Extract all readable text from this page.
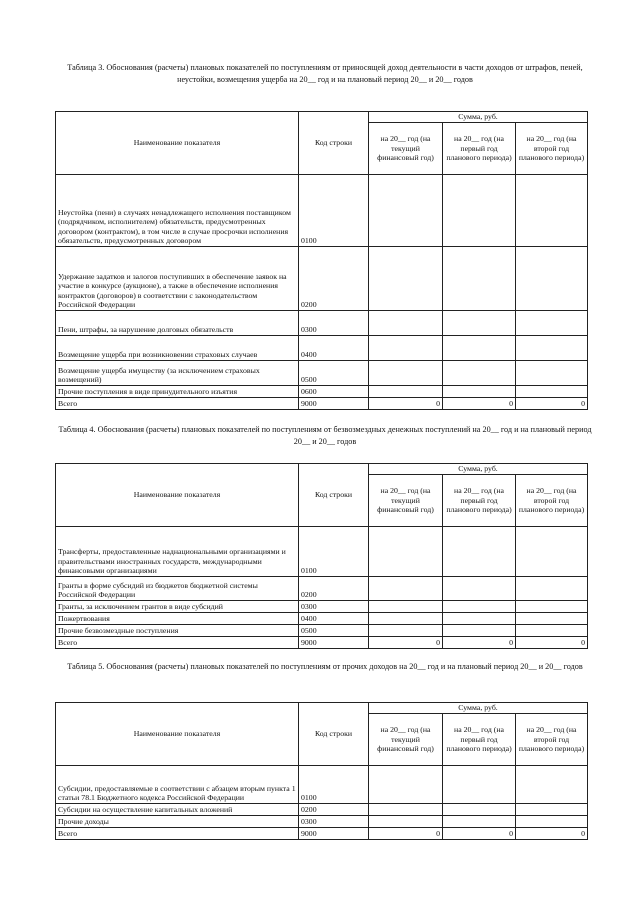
Таблица 3. Обоснования (расчеты) плановых показателей по поступлениям от приносящей доход деятельности в части доходов от штрафов, пеней, неустойки, возмещения ущерба на 20__ год и на плановый период 20__ и 20__ годов
Наименование показателя	Код строки	Сумма, руб.		
		на 20__ год (на текущий финансовый год)	на 20__ год (на первый год планового периода)	на 20__ год (на второй год планового периода)
Неустойка (пени) в случаях ненадлежащего исполнения поставщиком (подрядчиком, исполнителем) обязательств, предусмотренных договором (контрактом), в том числе в случае просрочки исполнения обязательств, предусмотренных договором	0100			
Удержание задатков и залогов поступивших в обеспечение заявок на участие в конкурсе (аукционе), а также в обеспечение исполнения контрактов (договоров) в соответствии с законодательством Российской Федерации	0200			
Пени, штрафы, за нарушение долговых обязательств	0300			
Возмещение ущерба при возникновении страховых случаев	0400			
Возмещение ущерба имуществу (за исключением страховых возмещений)	0500			
Прочие поступления в виде принудительного изъятия	0600			
Всего	9000	0	0	0
Таблица 4. Обоснования (расчеты) плановых показателей по поступлениям от безвозмездных денежных поступлений на 20__ год и на плановый период 20__ и 20__ годов
Наименование показателя	Код строки	Сумма, руб.		
		на 20__ год (на текущий финансовый год)	на 20__ год (на первый год планового периода)	на 20__ год (на второй год планового периода)
Трансферты, предоставленные наднациональными организациями и правительствами иностранных государств, международными финансовыми организациями	0100			
Гранты в форме субсидий из бюджетов бюджетной системы Российской Федерации	0200			
Гранты, за исключением грантов в виде субсидий	0300			
Пожертвования	0400			
Прочие безвозмездные поступления	0500			
Всего	9000	0	0	0
Таблица 5. Обоснования (расчеты) плановых показателей по поступлениям от прочих доходов на 20__ год и на плановый период 20__ и 20__ годов
Наименование показателя	Код строки	Сумма, руб.		
		на 20__ год (на текущий финансовый год)	на 20__ год (на первый год планового периода)	на 20__ год (на второй год планового периода)
Субсидии, предоставляемые в соответствии с абзацем вторым пункта 1 статьи 78.1 Бюджетного кодекса Российской Федерации	0100			
Субсидии на осуществление капитальных вложений	0200			
Прочие доходы	0300			
Всего	9000	0	0	0
